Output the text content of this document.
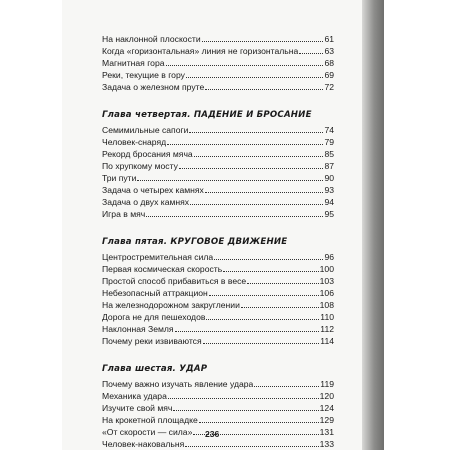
На наклонной плоскости	61
Когда «горизонтальная» линия не горизонтальна	63
Магнитная гора	68
Реки, текущие в гору	69
Задача о железном пруте	72
Глава четвертая. ПАДЕНИЕ И БРОСАНИЕ
Семимильные сапоги	74
Человек-снаряд	79
Рекорд бросания мяча	85
По хрупкому мосту	87
Три пути	90
Задача о четырех камнях	93
Задача о двух камнях	94
Игра в мяч	95
Глава пятая. КРУГОВОЕ ДВИЖЕНИЕ
Центростремительная сила	96
Первая космическая скорость	100
Простой способ прибавиться в весе	103
Небезопасный аттракцион	106
На железнодорожном закруглении	108
Дорога не для пешеходов	110
Наклонная Земля	112
Почему реки извиваются	114
Глава шестая. УДАР
Почему важно изучать явление удара	119
Механика удара	120
Изучите свой мяч	124
На крокетной площадке	129
«От скорости — сила»	131
Человек-наковальня	133
236
